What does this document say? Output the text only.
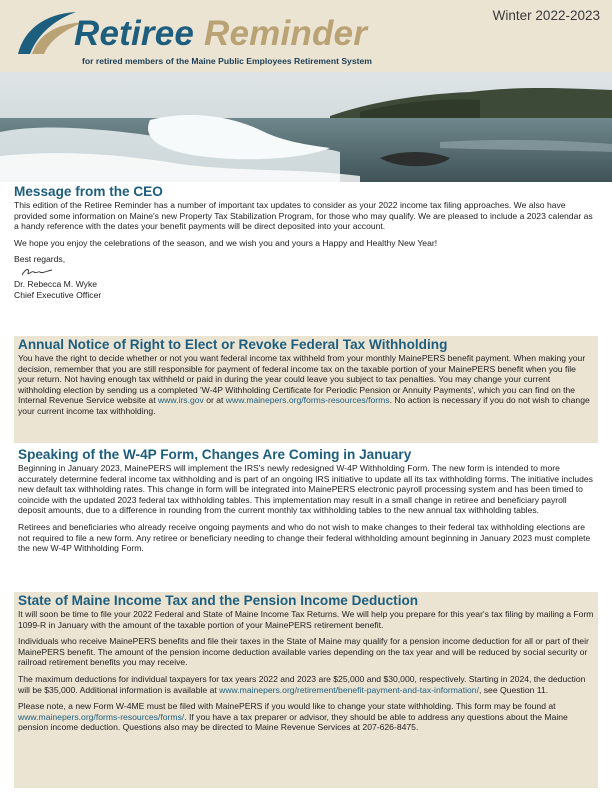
Retiree Reminder
for retired members of the Maine Public Employees Retirement System
Winter 2022-2023
Message from the CEO

This edition of the Retiree Reminder has a number of important tax updates to consider as your 2022 income tax filing approaches. We also have provided some information on Maine's new Property Tax Stabilization Program, for those who may qualify. We are pleased to include a 2023 calendar as a handy reference with the dates your benefit payments will be direct deposited into your account.

We hope you enjoy the celebrations of the season, and we wish you and yours a Happy and Healthy New Year!

Best regards,
Dr. Rebecca M. Wyke
Chief Executive Officer
Annual Notice of Right to Elect or Revoke Federal Tax Withholding

You have the right to decide whether or not you want federal income tax withheld from your monthly MainePERS benefit payment. When making your decision, remember that you are still responsible for payment of federal income tax on the taxable portion of your MainePERS benefit when you file your return. Not having enough tax withheld or paid in during the year could leave you subject to tax penalties. You may change your current withholding election by sending us a completed 'W-4P Withholding Certificate for Periodic Pension or Annuity Payments', which you can find on the Internal Revenue Service website at www.irs.gov or at www.mainepers.org/forms-resources/forms. No action is necessary if you do not wish to change your current income tax withholding.

Speaking of the W-4P Form, Changes Are Coming in January

Beginning in January 2023, MainePERS will implement the IRS's newly redesigned W-4P Withholding Form. The new form is intended to more accurately determine federal income tax withholding and is part of an ongoing IRS initiative to update all its tax withholding forms. The initiative includes new default tax withholding rates. This change in form will be integrated into MainePERS electronic payroll processing system and has been timed to coincide with the updated 2023 federal tax withholding tables. This implementation may result in a small change in retiree and beneficiary payroll deposit amounts, due to a difference in rounding from the current monthly tax withholding tables to the new annual tax withholding tables.

Retirees and beneficiaries who already receive ongoing payments and who do not wish to make changes to their federal tax withholding elections are not required to file a new form. Any retiree or beneficiary needing to change their federal withholding amount beginning in January 2023 must complete the new W-4P Withholding Form.

State of Maine Income Tax and the Pension Income Deduction

It will soon be time to file your 2022 Federal and State of Maine Income Tax Returns. We will help you prepare for this year's tax filing by mailing a Form 1099-R in January with the amount of the taxable portion of your MainePERS retirement benefit.

Individuals who receive MainePERS benefits and file their taxes in the State of Maine may qualify for a pension income deduction for all or part of their MainePERS benefit. The amount of the pension income deduction available varies depending on the tax year and will be reduced by social security or railroad retirement benefits you may receive.

The maximum deductions for individual taxpayers for tax years 2022 and 2023 are $25,000 and $30,000, respectively. Starting in 2024, the deduction will be $35,000. Additional information is available at www.mainepers.org/retirement/benefit-payment-and-tax-information/, see Question 11.

Please note, a new Form W-4ME must be filed with MainePERS if you would like to change your state withholding. This form may be found at www.mainepers.org/forms-resources/forms/. If you have a tax preparer or advisor, they should be able to address any questions about the Maine pension income deduction. Questions also may be directed to Maine Revenue Services at 207-626-8475.
